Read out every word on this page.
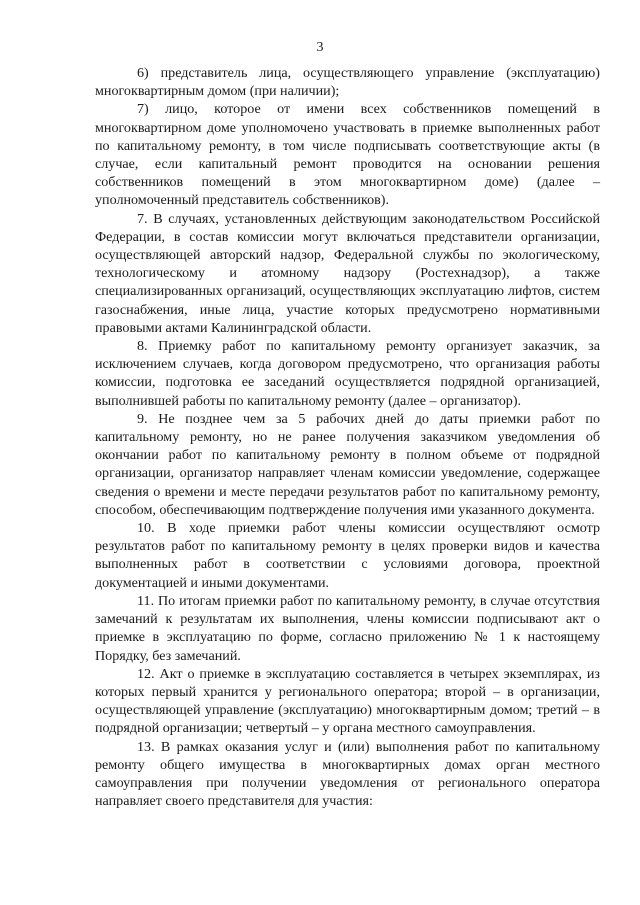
3

6) представитель лица, осуществляющего управление (эксплуатацию) многоквартирным домом (при наличии);

7) лицо, которое от имени всех собственников помещений в многоквартирном доме уполномочено участвовать в приемке выполненных работ по капитальному ремонту, в том числе подписывать соответствующие акты (в случае, если капитальный ремонт проводится на основании решения собственников помещений в этом многоквартирном доме) (далее – уполномоченный представитель собственников).

7. В случаях, установленных действующим законодательством Российской Федерации, в состав комиссии могут включаться представители организации, осуществляющей авторский надзор, Федеральной службы по экологическому, технологическому и атомному надзору (Ростехнадзор), а также специализированных организаций, осуществляющих эксплуатацию лифтов, систем газоснабжения, иные лица, участие которых предусмотрено нормативными правовыми актами Калининградской области.

8. Приемку работ по капитальному ремонту организует заказчик, за исключением случаев, когда договором предусмотрено, что организация работы комиссии, подготовка ее заседаний осуществляется подрядной организацией, выполнившей работы по капитальному ремонту (далее – организатор).

9. Не позднее чем за 5 рабочих дней до даты приемки работ по капитальному ремонту, но не ранее получения заказчиком уведомления об окончании работ по капитальному ремонту в полном объеме от подрядной организации, организатор направляет членам комиссии уведомление, содержащее сведения о времени и месте передачи результатов работ по капитальному ремонту, способом, обеспечивающим подтверждение получения ими указанного документа.

10. В ходе приемки работ члены комиссии осуществляют осмотр результатов работ по капитальному ремонту в целях проверки видов и качества выполненных работ в соответствии с условиями договора, проектной документацией и иными документами.

11. По итогам приемки работ по капитальному ремонту, в случае отсутствия замечаний к результатам их выполнения, члены комиссии подписывают акт о приемке в эксплуатацию по форме, согласно приложению № 1 к настоящему Порядку, без замечаний.

12. Акт о приемке в эксплуатацию составляется в четырех экземплярах, из которых первый хранится у регионального оператора; второй – в организации, осуществляющей управление (эксплуатацию) многоквартирным домом; третий – в подрядной организации; четвертый – у органа местного самоуправления.

13. В рамках оказания услуг и (или) выполнения работ по капитальному ремонту общего имущества в многоквартирных домах орган местного самоуправления при получении уведомления от регионального оператора направляет своего представителя для участия:
